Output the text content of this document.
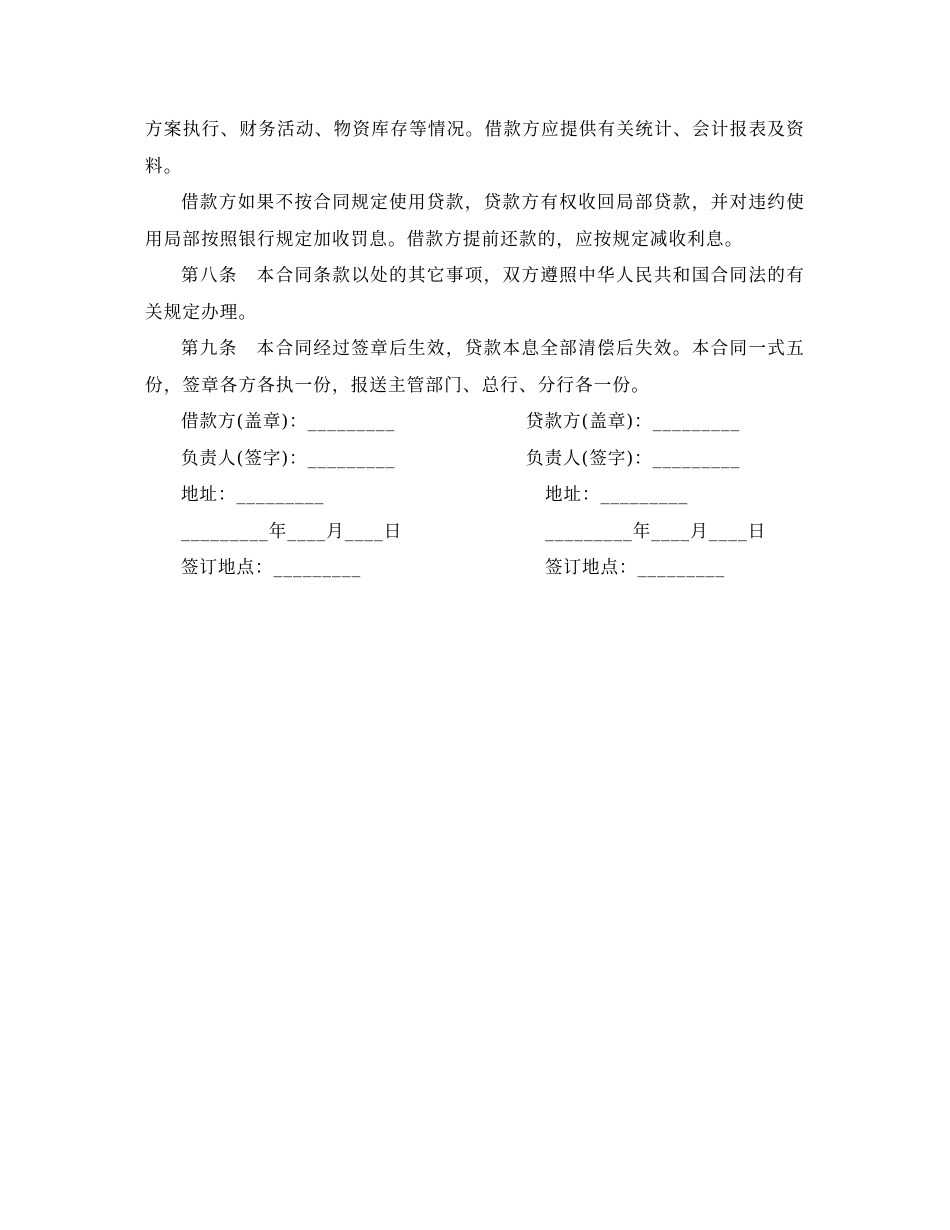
方案执行、财务活动、物资库存等情况。借款方应提供有关统计、会计报表及资料。

借款方如果不按合同规定使用贷款，贷款方有权收回局部贷款，并对违约使用局部按照银行规定加收罚息。借款方提前还款的，应按规定减收利息。

第八条　本合同条款以处的其它事项，双方遵照中华人民共和国合同法的有关规定办理。

第九条　本合同经过签章后生效，贷款本息全部清偿后失效。本合同一式五份，签章各方各执一份，报送主管部门、总行、分行各一份。

借款方(盖章)：_________	贷款方(盖章)：_________
负责人(签字)：_________	负责人(签字)：_________
地址：_________	地址：_________
_________年____月____日	_________年____月____日
签订地点：_________	签订地点：_________
